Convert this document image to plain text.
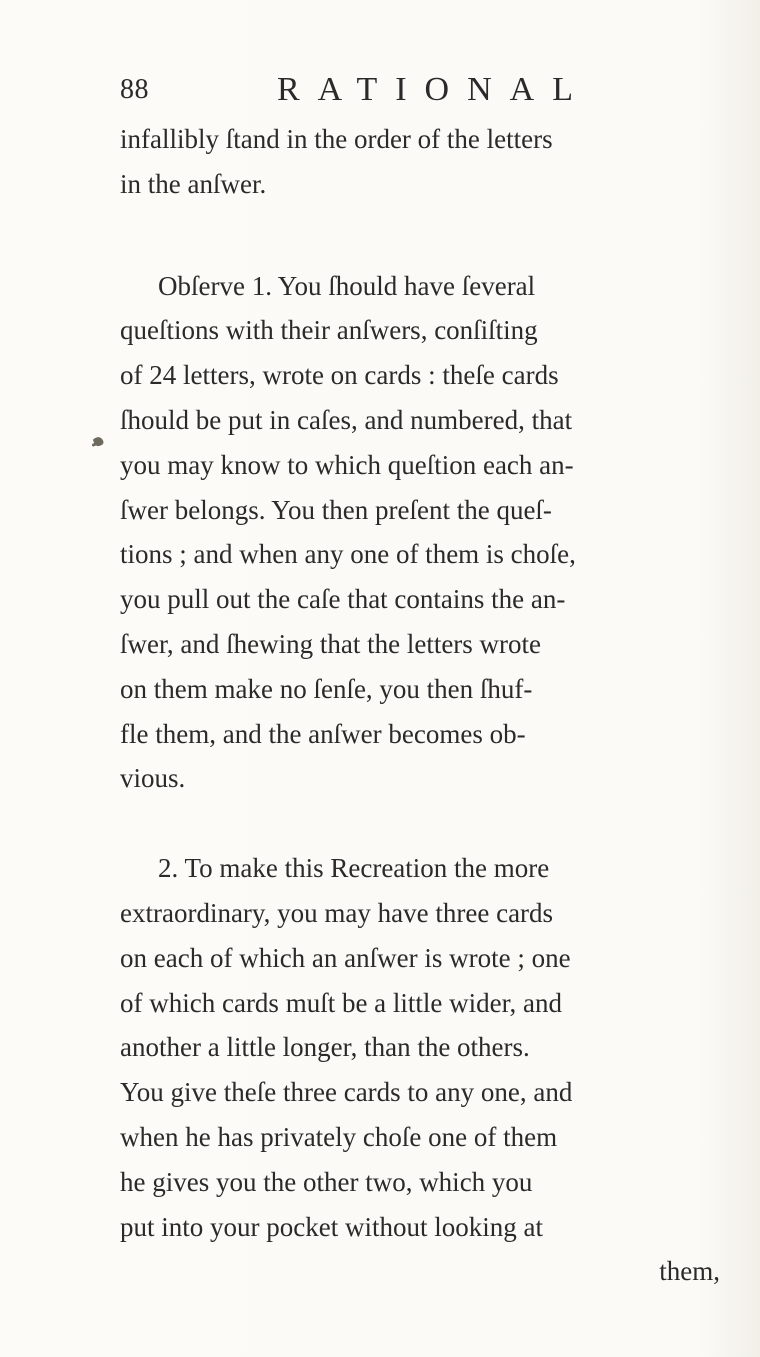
88	RATIONAL
infallibly ſtand in the order of the letters
in the anſwer.
Obſerve 1. You ſhould have ſeveral
queſtions with their anſwers, conſiſting
of 24 letters, wrote on cards : theſe cards
ſhould be put in caſes, and numbered, that
you may know to which queſtion each an-
ſwer belongs. You then preſent the queſ-
tions ; and when any one of them is choſe,
you pull out the caſe that contains the an-
ſwer, and ſhewing that the letters wrote
on them make no ſenſe, you then ſhuf-
fle them, and the anſwer becomes ob-
vious.
2. To make this Recreation the more
extraordinary, you may have three cards
on each of which an anſwer is wrote ; one
of which cards muſt be a little wider, and
another a little longer, than the others.
You give theſe three cards to any one, and
when he has privately choſe one of them
he gives you the other two, which you
put into your pocket without looking at
them,
